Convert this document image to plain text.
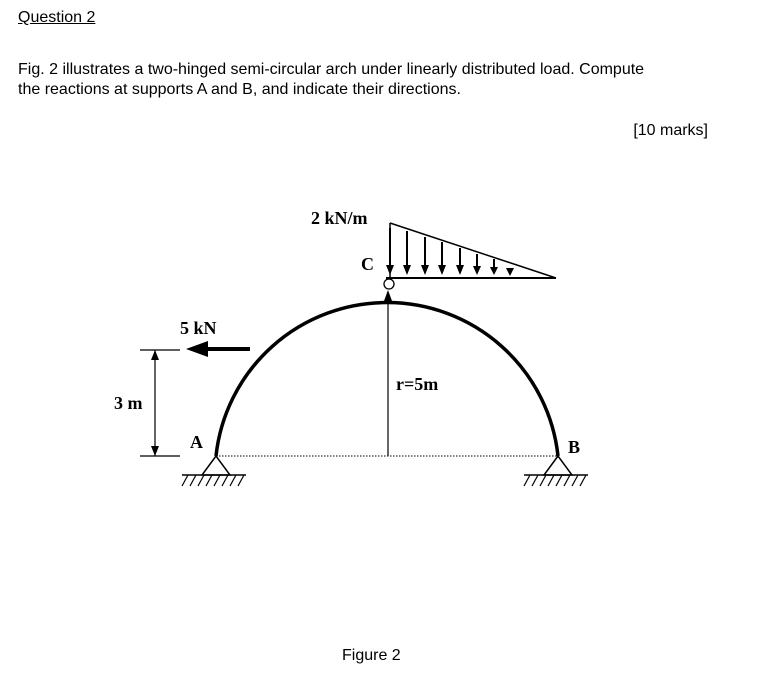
Question 2
Fig. 2 illustrates a two-hinged semi-circular arch under linearly distributed load. Compute
the reactions at supports A and B, and indicate their directions.
[10 marks]
2 kN/m
C
5 kN
3 m
r=5m
A	B
Figure 2
